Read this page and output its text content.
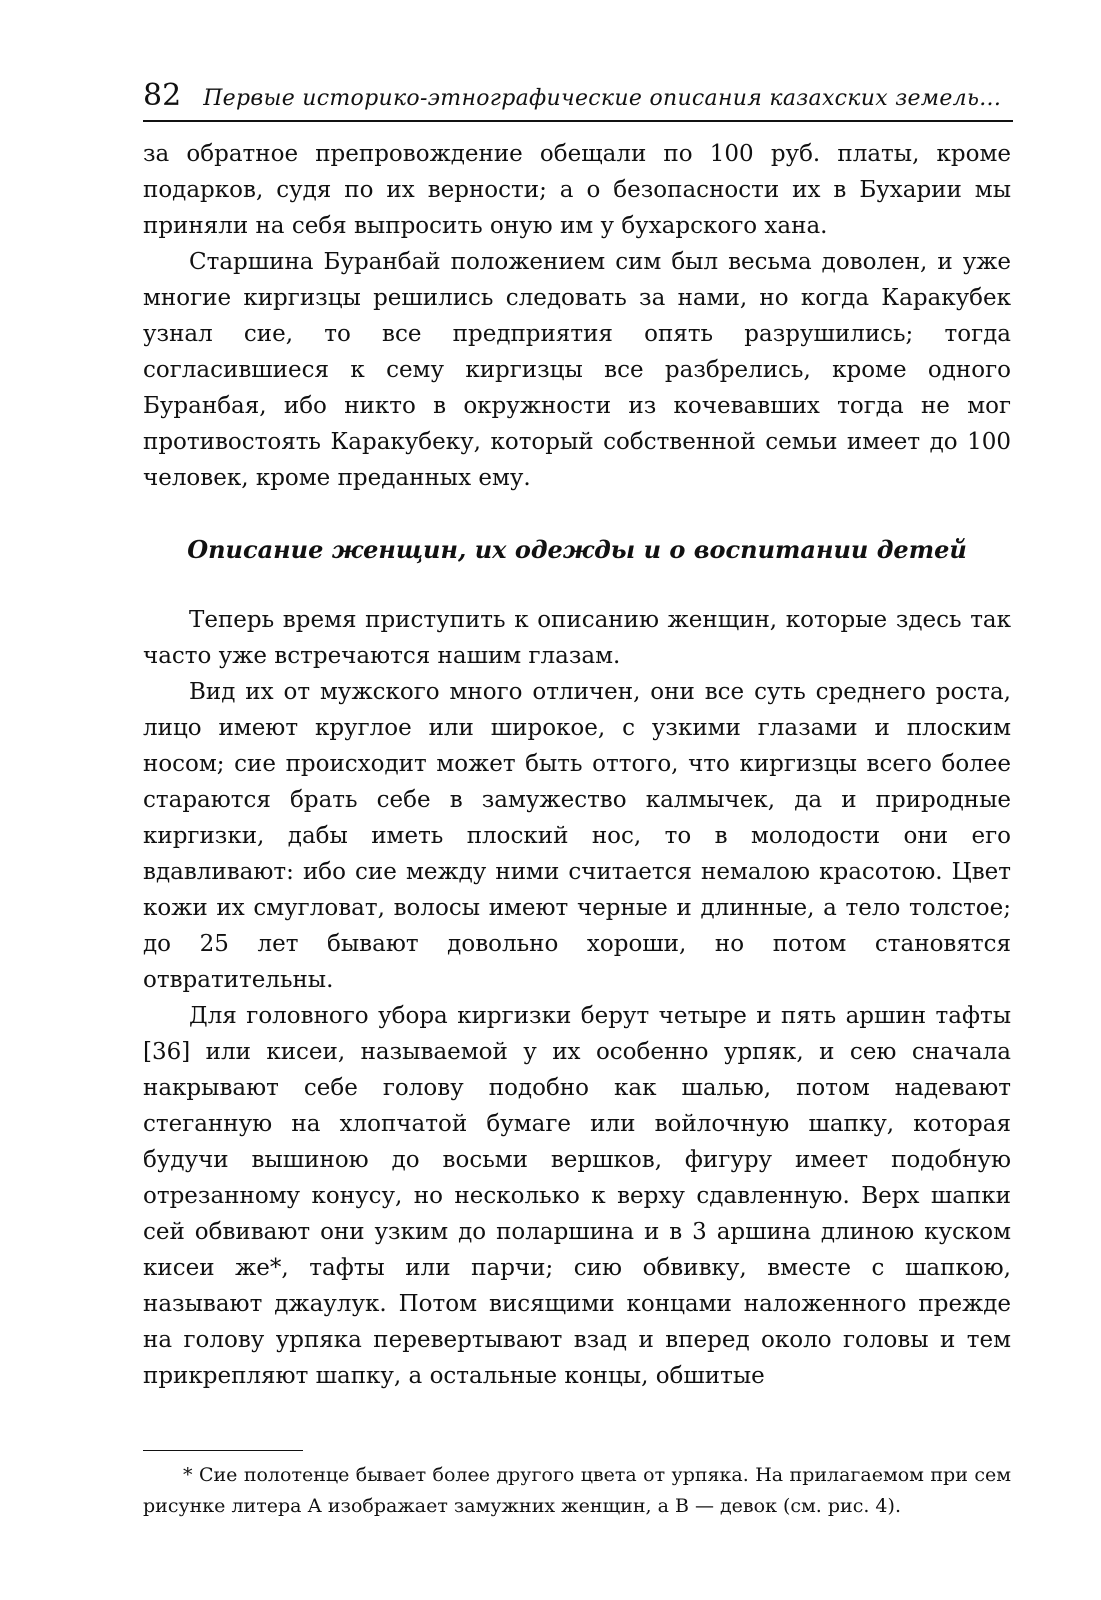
82 Первые историко-этнографические описания казахских земель...

за обратное препровождение обещали по 100 руб. платы, кроме подарков, судя по их верности; а о безопасности их в Бухарии мы приняли на себя выпросить оную им у бухарского хана.

Старшина Буранбай положением сим был весьма доволен, и уже многие киргизцы решились следовать за нами, но когда Каракубек узнал сие, то все предприятия опять разрушились; тогда согласившиеся к сему киргизцы все разбрелись, кроме одного Буранбая, ибо никто в окружности из кочевавших тогда не мог противостоять Каракубеку, который собственной семьи имеет до 100 человек, кроме преданных ему.

Описание женщин, их одежды и о воспитании детей

Теперь время приступить к описанию женщин, которые здесь так часто уже встречаются нашим глазам.

Вид их от мужского много отличен, они все суть среднего роста, лицо имеют круглое или широкое, с узкими глазами и плоским носом; сие происходит может быть оттого, что киргизцы всего более стараются брать себе в замужество калмычек, да и природные киргизки, дабы иметь плоский нос, то в молодости они его вдавливают: ибо сие между ними считается немалою красотою. Цвет кожи их смугловат, волосы имеют черные и длинные, а тело толстое; до 25 лет бывают довольно хороши, но потом становятся отвратительны.

Для головного убора киргизки берут четыре и пять аршин тафты [36] или кисеи, называемой у их особенно урпяк, и сею сначала накрывают себе голову подобно как шалью, потом надевают стеганную на хлопчатой бумаге или войлочную шапку, которая будучи вышиною до восьми вершков, фигуру имеет подобную отрезанному конусу, но несколько к верху сдавленную. Верх шапки сей обвивают они узким до поларшина и в 3 аршина длиною куском кисеи же*, тафты или парчи; сию обвивку, вместе с шапкою, называют джаулук. Потом висящими концами наложенного прежде на голову урпяка перевертывают взад и вперед около головы и тем прикрепляют шапку, а остальные концы, обшитые

* Сие полотенце бывает более другого цвета от урпяка. На прилагаемом при сем рисунке литера А изображает замужних женщин, а В — девок (см. рис. 4).
